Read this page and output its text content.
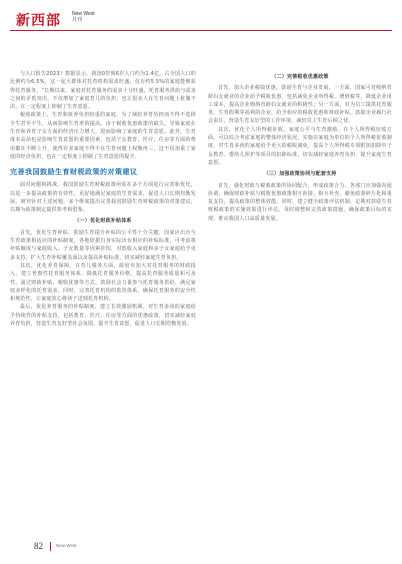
新西部 New West
月刊

与人口报告2023》数据显示，我国0岁到6岁人口约为1.4亿，占全国人口的比例约为6.5%，这一庞大群体对托育机构需求旺盛，仅有约5.5%的家庭能够获得托育服务。“长期以来，家庭对托育服务的需求十分旺盛，托育服务供给与需求之间的矛盾突出，不仅增加了家庭育儿的负担，也让很多人在生育问题上犹豫不决，在一定程度上抑制了生育意愿。

税收政策上，生育和抚养负担较重的家庭，为了减轻养育负担而不得不选择少生甚至不生，从而影响生育率的提高。由于税收优惠政策的缺失，导致家庭在生育和养育子女方面的经济压力增大，进而影响了家庭的生育意愿。此外，生育成本高昂也是影响生育意愿的重要因素，包括子女教育、医疗、住房等方面的费用都在不断上升，使得许多家庭不得不在生育问题上权衡再三，这不仅加重了家庭的经济负担，也在一定程度上抑制了生育意愿的提升。

完善我国鼓励生育财税政策的对策建议

面对问题和挑战，我国鼓励生育财税政策亟需在多个方面进行完善和优化，以进一步提高政策的有效性，更好地满足家庭的生育需求，促进人口长期均衡发展。研究针对上述问题，多个维度提出完善我国鼓励生育财税政策的对策建议，以期为政策制定提供参考和借鉴。

（一）优化财政补贴体系

首先，优化生育补贴。鼓励生育提升补贴的公平性十分关键，国家应出台与生育政策相适应的补贴制度，各地依据自身实际出台相应的补贴标准，可考虑将补贴额度与家庭收入、子女数量等因素挂钩，对低收入家庭和多子女家庭给予更多支持，扩大生育补贴覆盖面以及提高补贴标准，切实减轻家庭生育负担。

其次，优化养育保障。在育儿服务方面，政府应加大对托育服务的财政投入，建立普惠性托育服务体系，降低托育服务价格，提高托育服务质量和可及性。通过财政补贴、税收优惠等方式，鼓励社会力量参与托育服务供给，满足家庭多样化的托育需求。同时，完善托育机构的监管体系，确保托育服务的安全性和规范性，让家庭放心将孩子送到托育机构。

最后，优化养育服务的补贴制度，建立长效激励机制。对生育多孩的家庭给予持续性的补贴支持，包括教育、医疗、住房等方面的优惠政策，切实减轻家庭养育负担，营造生育友好型社会氛围，提升生育意愿，促进人口长期均衡发展。

（二）完善税收优惠政策

首先，加大企业税收优惠，鼓励生育与企业发展。一方面，国家可对吸纳育龄妇女就业的企业给予税收优惠，包括减免企业所得税、增值税等，降低企业用工成本，提高企业吸纳育龄妇女就业的积极性；另一方面，对为员工提供托育服务、生育假期等福利的企业，给予相应的税收优惠和财政补贴，鼓励企业履行社会责任，营造生育友好型的工作环境，减轻员工生育后顾之忧。

其次，优化个人所得税征收。家庭公平与生育激励。在个人所得税征收方面，可以综合考虑家庭的整体经济状况，实施以家庭为单位的个人所得税征收制度，对生育多孩的家庭给予更大的税收减免，提高个人所得税专项附加扣除中子女教育、婴幼儿照护等项目的扣除标准，切实减轻家庭养育负担，提升家庭生育意愿。

（三）加强政策协同与配套支持

首先，强化财政与税收政策的协同配合，形成政策合力。各部门应加强沟通协调，确保财政补贴与税收优惠政策相互衔接、相互补充，避免政策碎片化和重复支持，提高政策的整体效能。同时，建立健全政策评估机制，定期对鼓励生育财税政策的实施效果进行评估，及时调整和完善政策措施，确保政策目标的实现，推动我国人口高质量发展。

82	New West
